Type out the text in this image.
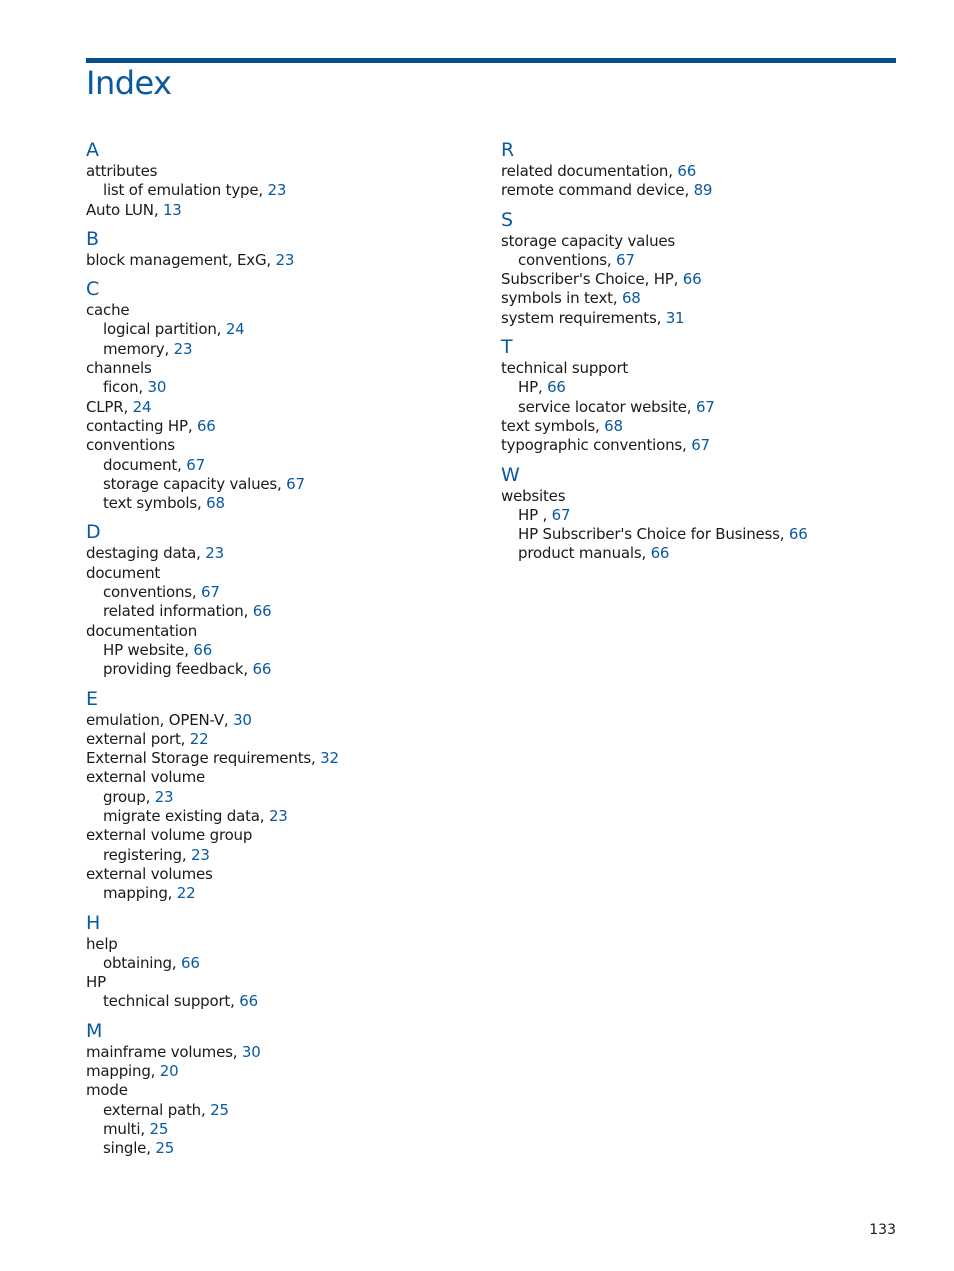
Index
A
attributes
list of emulation type, 23
Auto LUN, 13
B
block management, ExG, 23
C
cache
logical partition, 24
memory, 23
channels
ficon, 30
CLPR, 24
contacting HP, 66
conventions
document, 67
storage capacity values, 67
text symbols, 68
D
destaging data, 23
document
conventions, 67
related information, 66
documentation
HP website, 66
providing feedback, 66
E
emulation, OPEN-V, 30
external port, 22
External Storage requirements, 32
external volume
group, 23
migrate existing data, 23
external volume group
registering, 23
external volumes
mapping, 22
H
help
obtaining, 66
HP
technical support, 66
M
mainframe volumes, 30
mapping, 20
mode
external path, 25
multi, 25
single, 25
R
related documentation, 66
remote command device, 89
S
storage capacity values
conventions, 67
Subscriber's Choice, HP, 66
symbols in text, 68
system requirements, 31
T
technical support
HP, 66
service locator website, 67
text symbols, 68
typographic conventions, 67
W
websites
HP , 67
HP Subscriber's Choice for Business, 66
product manuals, 66
133
